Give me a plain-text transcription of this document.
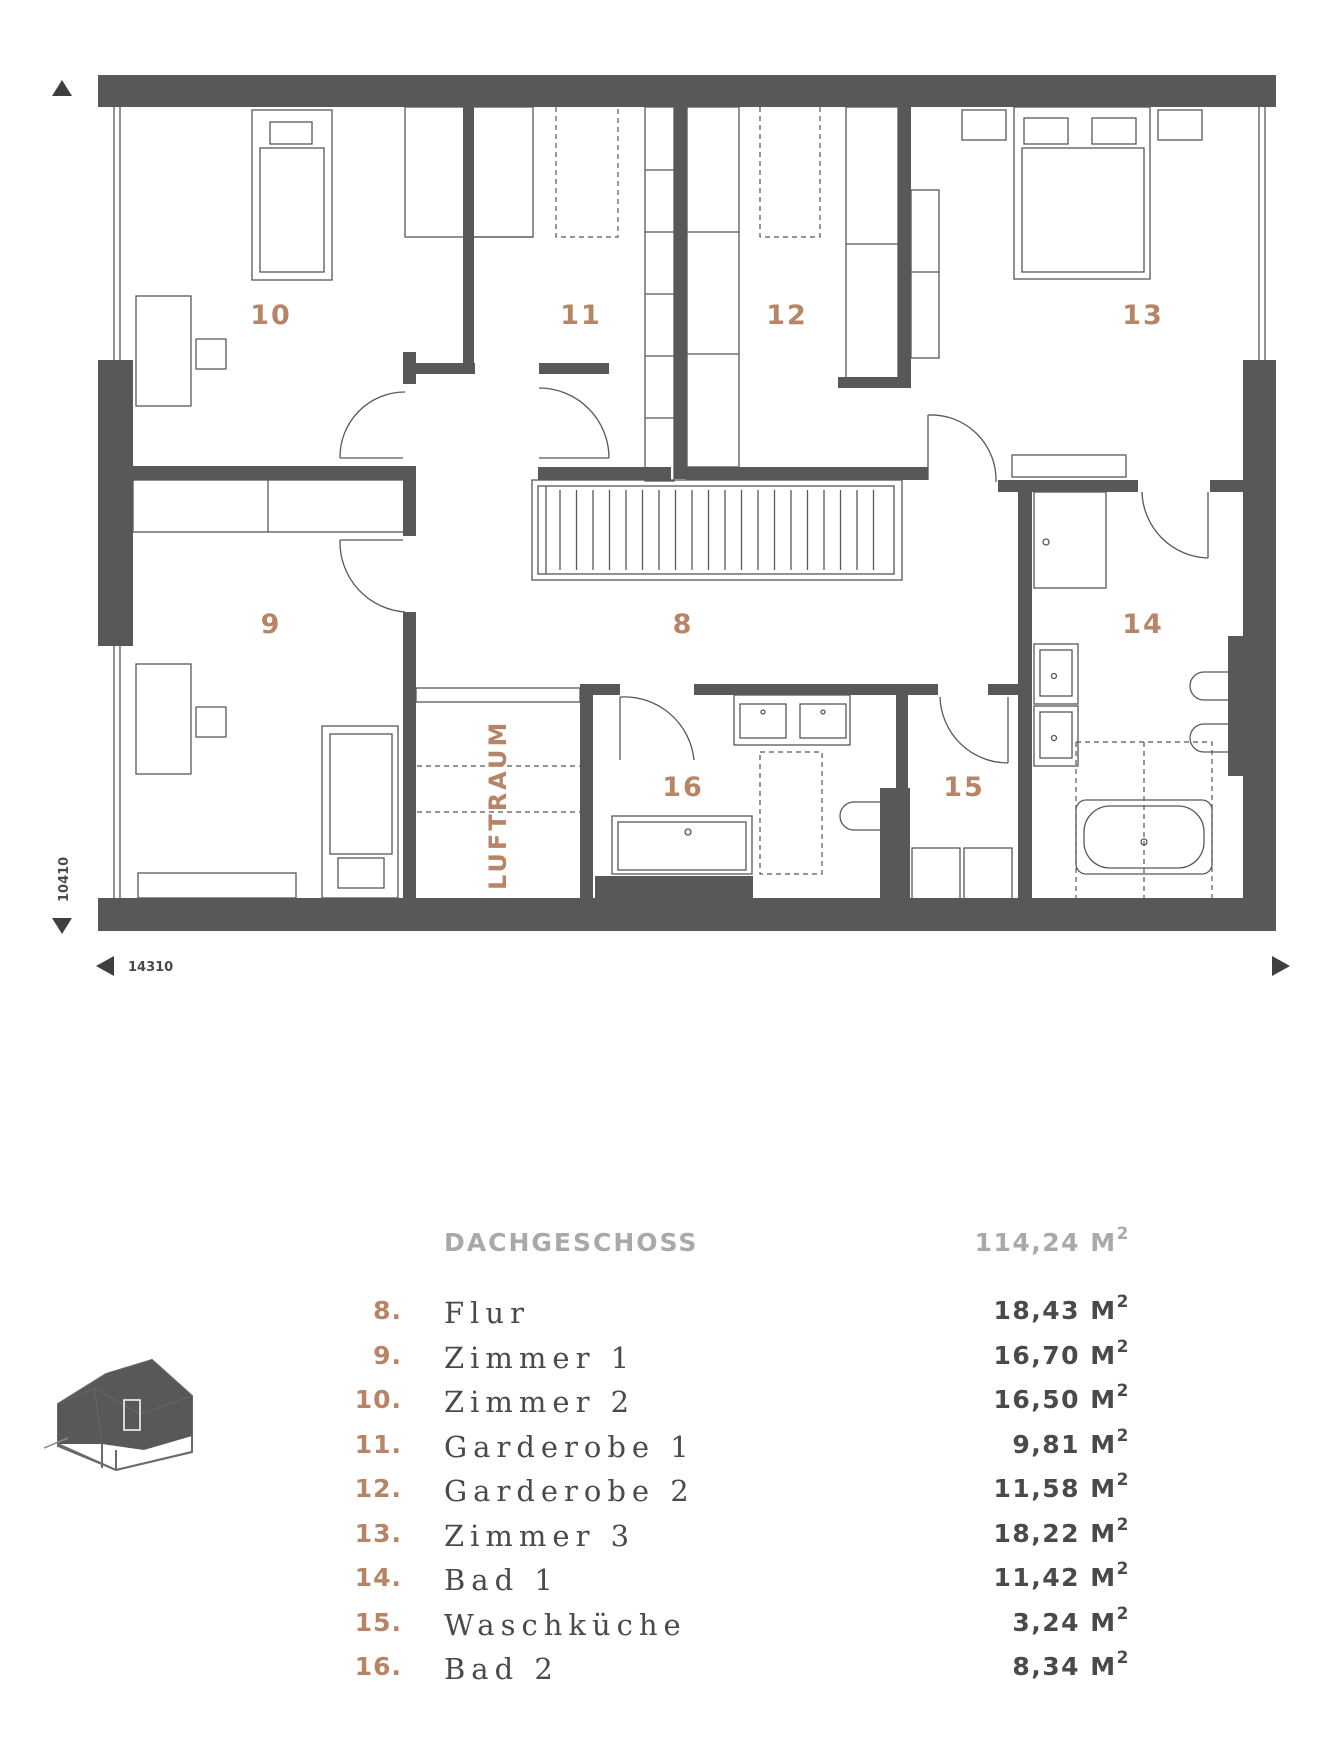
10	11	12	13
9	8	14
16	15
LUFTRAUM
10410
14310
DACHGESCHOSS	114,24 $M^2$
8. Flur	18,43 $M^2$
9. Zimmer 1	16,70 $M^2$
10. Zimmer 2	16,50 $M^2$
11. Garderobe 1	9,81 $M^2$
12. Garderobe 2	11,58 $M^2$
13. Zimmer 3	18,22 $M^2$
14. Bad 1	11,42 $M^2$
15. Waschküche	3,24 $M^2$
16. Bad 2	8,34 $M^2$
